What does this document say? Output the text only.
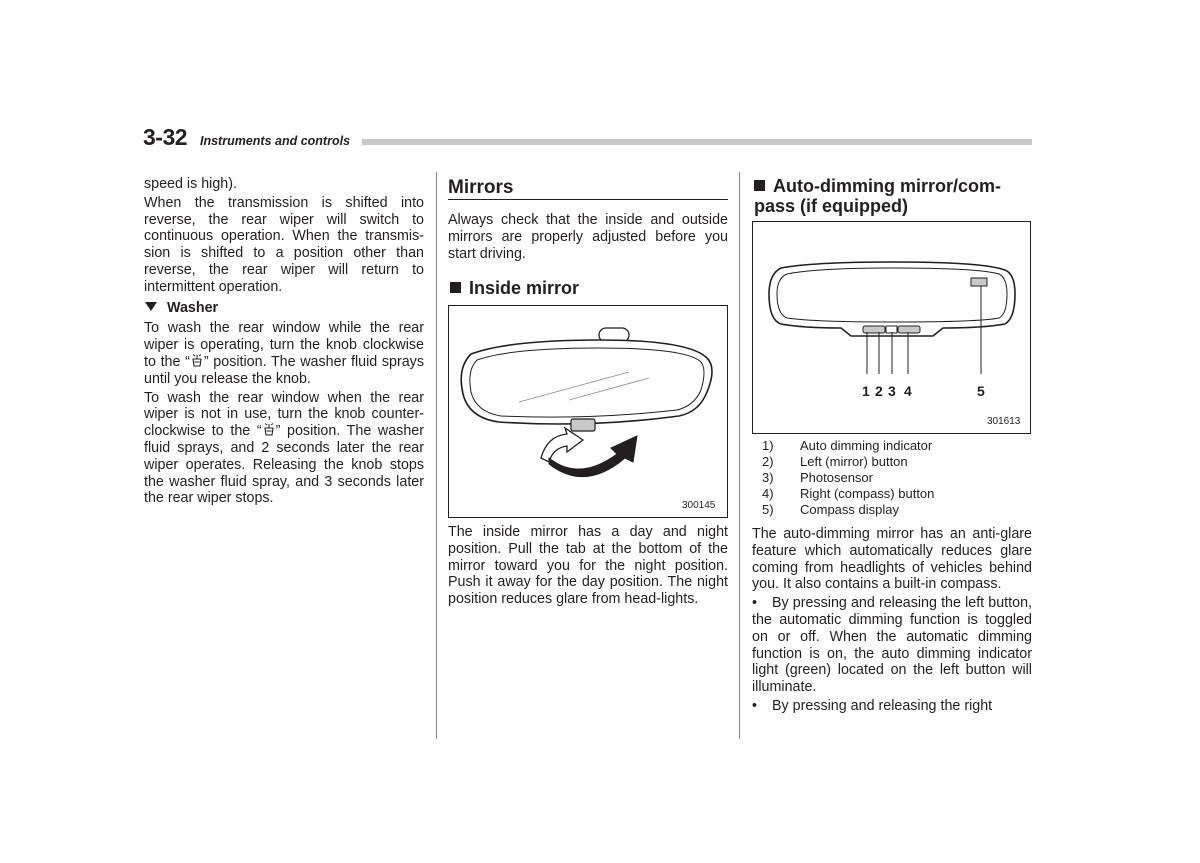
3-32 Instruments and controls

speed is high).

When the transmission is shifted into reverse, the rear wiper will switch to continuous operation. When the transmis-sion is shifted to a position other than reverse, the rear wiper will return to intermittent operation.

Washer

To wash the rear window while the rear wiper is operating, turn the knob clockwise to the “ ” position. The washer fluid sprays until you release the knob.

To wash the rear window when the rear wiper is not in use, turn the knob counter-clockwise to the “ ” position. The washer fluid sprays, and 2 seconds later the rear wiper operates. Releasing the knob stops the washer fluid spray, and 3 seconds later the rear wiper stops.

Mirrors
Always check that the inside and outside mirrors are properly adjusted before you start driving.
Inside mirror
300145
The inside mirror has a day and night position. Pull the tab at the bottom of the mirror toward you for the night position. Push it away for the day position. The night position reduces glare from head-lights.
Auto-dimming mirror/com-pass (if equipped)
1 2 3 4	5
301613
1) Auto dimming indicator
2) Left (mirror) button
3) Photosensor
4) Right (compass) button
5) Compass display

The auto-dimming mirror has an anti-glare feature which automatically reduces glare coming from headlights of vehicles behind you. It also contains a built-in compass.

• By pressing and releasing the left button, the automatic dimming function is toggled on or off. When the automatic dimming function is on, the auto dimming indicator light (green) located on the left button will illuminate.

• By pressing and releasing the right
